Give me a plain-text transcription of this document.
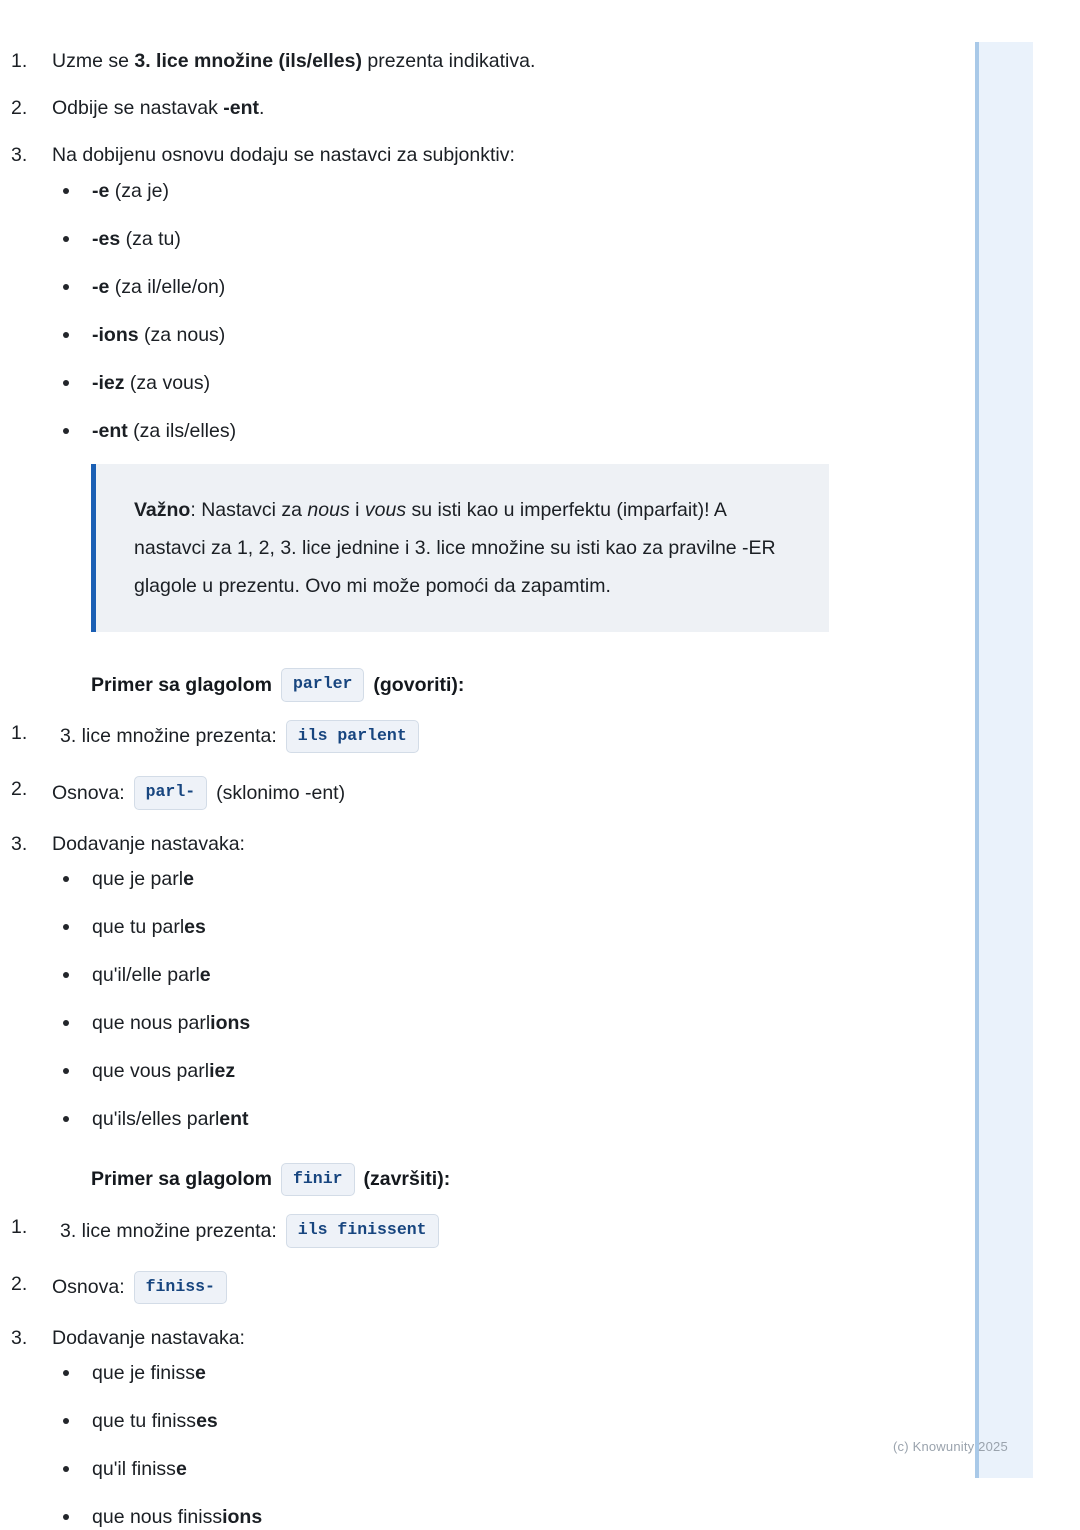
1.	Uzme se 3. lice množine (ils/elles) prezenta indikativa.
2.	Odbije se nastavak -ent.
3.	Na dobijenu osnovu dodaju se nastavci za subjonktiv:
-e (za je)
-es (za tu)
-e (za il/elle/on)
-ions (za nous)
-iez (za vous)
-ent (za ils/elles)

Važno: Nastavci za nous i vous su isti kao u imperfektu (imparfait)! A nastavci za 1, 2, 3. lice jednine i 3. lice množine su isti kao za pravilne -ER glagole u prezentu. Ovo mi može pomoći da zapamtim.

Primer sa glagolom	parler	(govoriti):
1.	3. lice množine prezenta:	ils parlent
2.	Osnova:	parl-	(sklonimo -ent)
3.	Dodavanje nastavaka:
que je parle
que tu parles
qu'il/elle parle
que nous parlions
que vous parliez
qu'ils/elles parlent
Primer sa glagolom	finir	(završiti):
1.	3. lice množine prezenta:	ils finissent
2.	Osnova:	finiss-
3.	Dodavanje nastavaka:
que je finisse
que tu finisses
qu'il finisse
que nous finissions
(c) Knowunity 2025
